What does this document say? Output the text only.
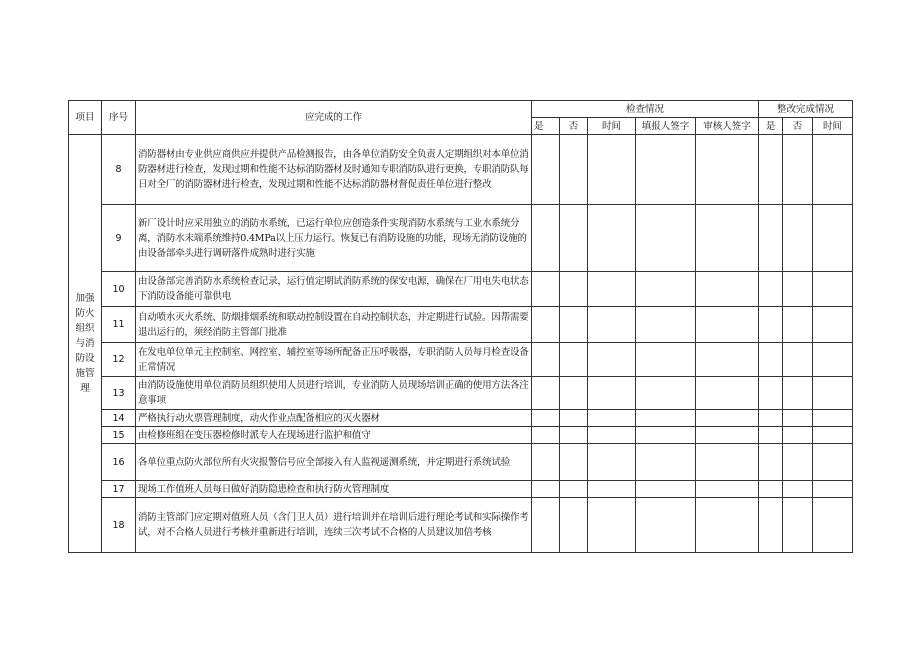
项目	序号	应完成的工作	检查情况					整改完成情况		
			是	否	时间	填报人签字	审核人签字	是	否	时间
加强防火组织与消防设施管理	8	消防器材由专业供应商供应并提供产品检测报告，由各单位消防安全负责人定期组织对本单位消防器材进行检查，发现过期和性能不达标消防器材及时通知专职消防队进行更换，专职消防队每日对全厂的消防器材进行检查，发现过期和性能不达标消防器材督促责任单位进行整改								
	9	新厂设计时应采用独立的消防水系统，已运行单位应创造条件实现消防水系统与工业水系统分离，消防水末端系统维持0.4MPa以上压力运行。恢复已有消防设施的功能，现场无消防设施的由设备部牵头进行调研落件成熟时进行实施								
	10	由设备部完善消防水系统检查记录，运行值定期试消防系统的保安电源，确保在厂用电失电状态下消防设备能可靠供电								
	11	自动喷水灭火系统、防烟排烟系统和联动控制设置在自动控制状态，并定期进行试验。因帮需要退出运行的，须经消防主管部门批准								
	12	在发电单位单元主控制室、网控室、辅控室等场所配备正压呼吸器，专职消防人员每月检查设备正常情况								
	13	由消防设施使用单位消防员组织使用人员进行培训，专业消防人员现场培训正确的使用方法各注意事项								
	14	严格执行动火票管理制度，动火作业点配备相应的灭火器材								
	15	由检修班组在变压器检修时派专人在现场进行监护和值守								
	16	各单位重点防火部位所有火灾报警信号应全部接入有人监视遥测系统，并定期进行系统试验								
	17	现场工作值班人员每日做好消防隐患检查和执行防火管理制度								
	18	消防主管部门应定期对值班人员（含门卫人员）进行培训并在培训后进行理论考试和实际操作考试，对不合格人员进行考核并重新进行培训，连续三次考试不合格的人员建议加倍考核								
